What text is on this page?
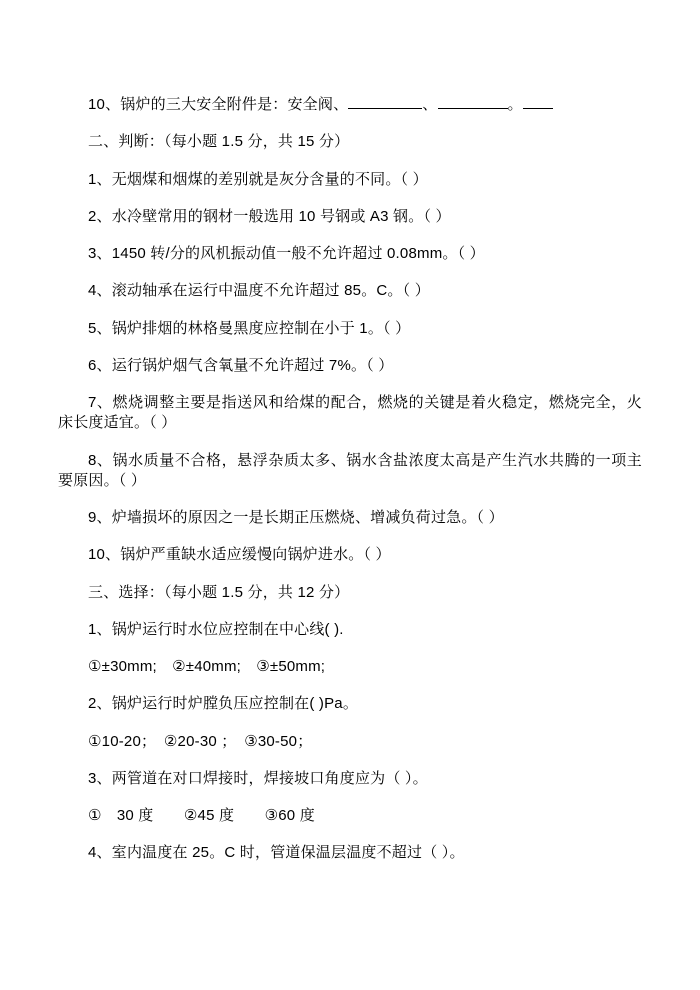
10、锅炉的三大安全附件是：安全阀、	、	。

二、判断：（每小题 1.5 分，共 15 分）

1、无烟煤和烟煤的差别就是灰分含量的不同。（ ）

2、水冷壁常用的钢材一般选用 10 号钢或 A3 钢。（ ）

3、1450 转/分的风机振动值一般不允许超过 0.08mm。（ ）

4、滚动轴承在运行中温度不允许超过 85。C。（ ）

5、锅炉排烟的林格曼黑度应控制在小于 1。（ ）

6、运行锅炉烟气含氧量不允许超过 7%。（ ）

7、燃烧调整主要是指送风和给煤的配合，燃烧的关键是着火稳定，燃烧完全，火床长度适宜。（ ）

8、锅水质量不合格，悬浮杂质太多、锅水含盐浓度太高是产生汽水共腾的一项主要原因。（ ）

9、炉墙损坏的原因之一是长期正压燃烧、增减负荷过急。（ ）

10、锅炉严重缺水适应缓慢向锅炉进水。（ ）

三、选择：（每小题 1.5 分，共 12 分）

1、锅炉运行时水位应控制在中心线( ).

①±30mm;　②±40mm;　③±50mm;

2、锅炉运行时炉膛负压应控制在( )Pa。

①10-20；　②20-30 ；　③30-50；

3、两管道在对口焊接时，焊接坡口角度应为（ ）。

①　30 度　　②45 度　　③60 度

4、室内温度在 25。C 时，管道保温层温度不超过（ ）。
